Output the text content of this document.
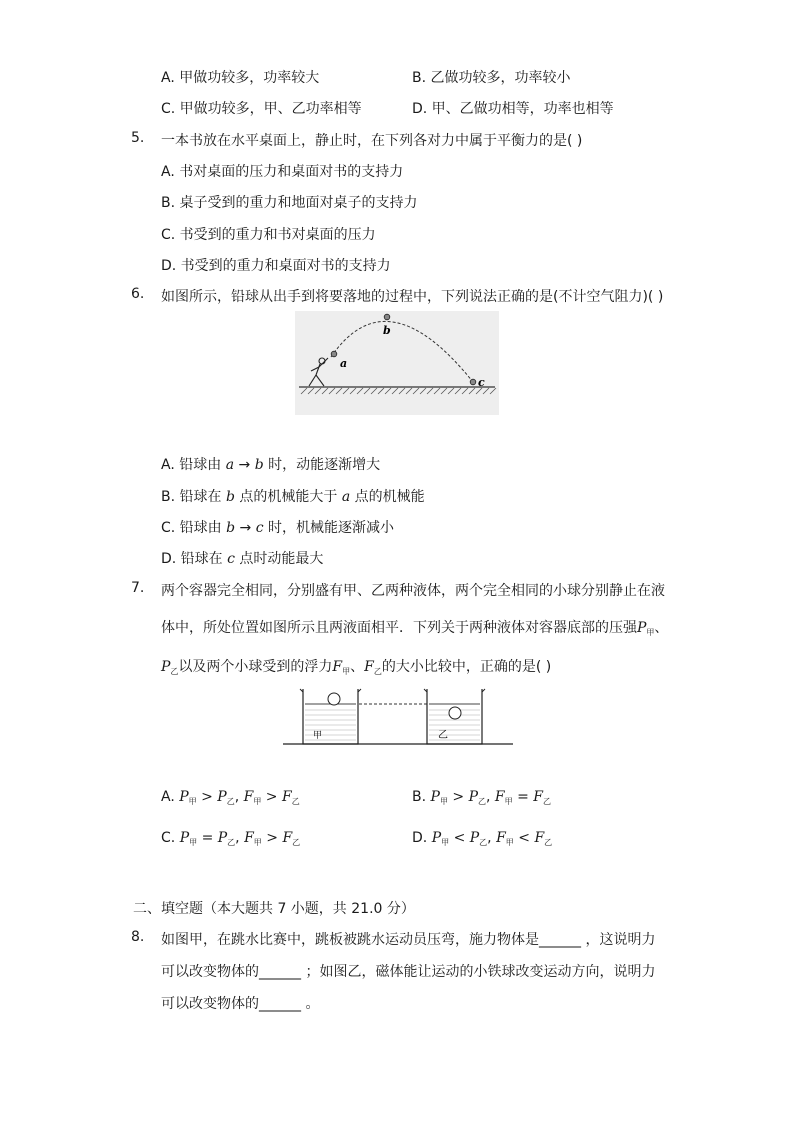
A. 甲做功较多，功率较大	B. 乙做功较多，功率较小
C. 甲做功较多，甲、乙功率相等	D. 甲、乙做功相等，功率也相等
5. 一本书放在水平桌面上，静止时，在下列各对力中属于平衡力的是( )
A. 书对桌面的压力和桌面对书的支持力
B. 桌子受到的重力和地面对桌子的支持力
C. 书受到的重力和书对桌面的压力
D. 书受到的重力和桌面对书的支持力
6. 如图所示，铅球从出手到将要落地的过程中，下列说法正确的是(不计空气阻力)( )
a
b
c
A. 铅球由 a → b 时，动能逐渐增大
B. 铅球在 b 点的机械能大于 a 点的机械能
C. 铅球由 b → c 时，机械能逐渐减小
D. 铅球在 c 点时动能最大
7. 两个容器完全相同，分别盛有甲、乙两种液体，两个完全相同的小球分别静止在液
体中，所处位置如图所示且两液面相平．下列关于两种液体对容器底部的压强$P_甲$、
$P_乙$以及两个小球受到的浮力$F_甲$、$F_乙$的大小比较中，正确的是( )
甲	乙
A. $P_甲 > P_乙$, $F_甲 > F_乙$	B. $P_甲 > P_乙$, $F_甲 = F_乙$
C. $P_甲 = P_乙$, $F_甲 > F_乙$	D. $P_甲 < P_乙$, $F_甲 < F_乙$
二、填空题（本大题共 7 小题，共 21.0 分）
8. 如图甲，在跳水比赛中，跳板被跳水运动员压弯，施力物体是______ ，这说明力
可以改变物体的______ ；如图乙，磁体能让运动的小铁球改变运动方向，说明力
可以改变物体的______ 。
